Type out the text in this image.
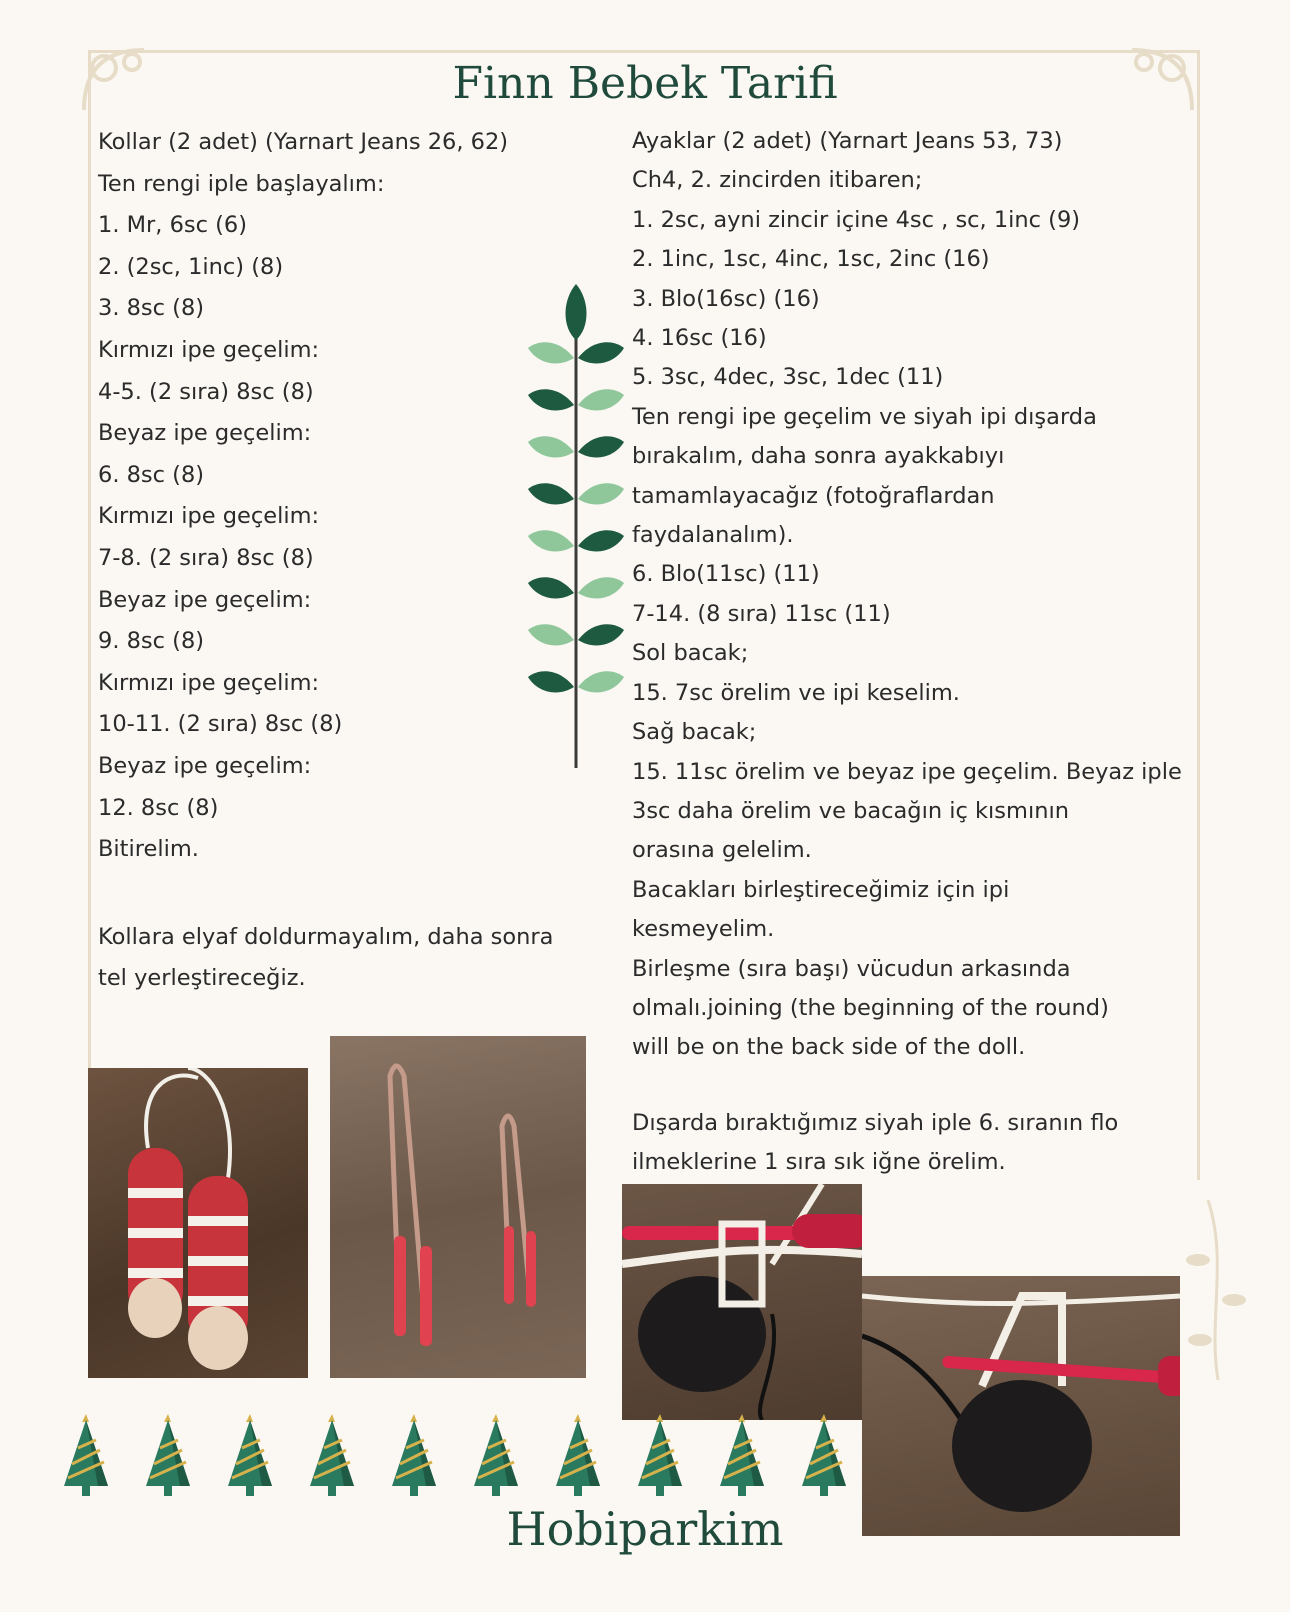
Finn Bebek Tarifi
Kollar (2 adet) (Yarnart Jeans 26, 62)
Ten rengi iple başlayalım:
1. Mr, 6sc (6)
2. (2sc, 1inc) (8)
3. 8sc (8)
Kırmızı ipe geçelim:
4-5. (2 sıra) 8sc (8)
Beyaz ipe geçelim:
6. 8sc (8)
Kırmızı ipe geçelim:
7-8. (2 sıra) 8sc (8)
Beyaz ipe geçelim:
9. 8sc (8)
Kırmızı ipe geçelim:
10-11. (2 sıra) 8sc (8)
Beyaz ipe geçelim:
12. 8sc (8)
Bitirelim.
Kollara elyaf doldurmayalım, daha sonra
tel yerleştireceğiz.
Ayaklar (2 adet) (Yarnart Jeans 53, 73)
Ch4, 2. zincirden itibaren;
1. 2sc, ayni zincir içine 4sc , sc, 1inc (9)
2. 1inc, 1sc, 4inc, 1sc, 2inc (16)
3. Blo(16sc) (16)
4. 16sc (16)
5. 3sc, 4dec, 3sc, 1dec (11)
Ten rengi ipe geçelim ve siyah ipi dışarda
bırakalım, daha sonra ayakkabıyı
tamamlayacağız (fotoğraflardan
faydalanalım).
6. Blo(11sc) (11)
7-14. (8 sıra) 11sc (11)
Sol bacak;
15. 7sc örelim ve ipi keselim.
Sağ bacak;
15. 11sc örelim ve beyaz ipe geçelim. Beyaz iple
3sc daha örelim ve bacağın iç kısmının
orasına gelelim.
Bacakları birleştireceğimiz için ipi
kesmeyelim.
Birleşme (sıra başı) vücudun arkasında
olmalı.joining (the beginning of the round)
will be on the back side of the doll.
Dışarda bıraktığımız siyah iple 6. sıranın flo
ilmeklerine 1 sıra sık iğne örelim.
Hobiparkim
